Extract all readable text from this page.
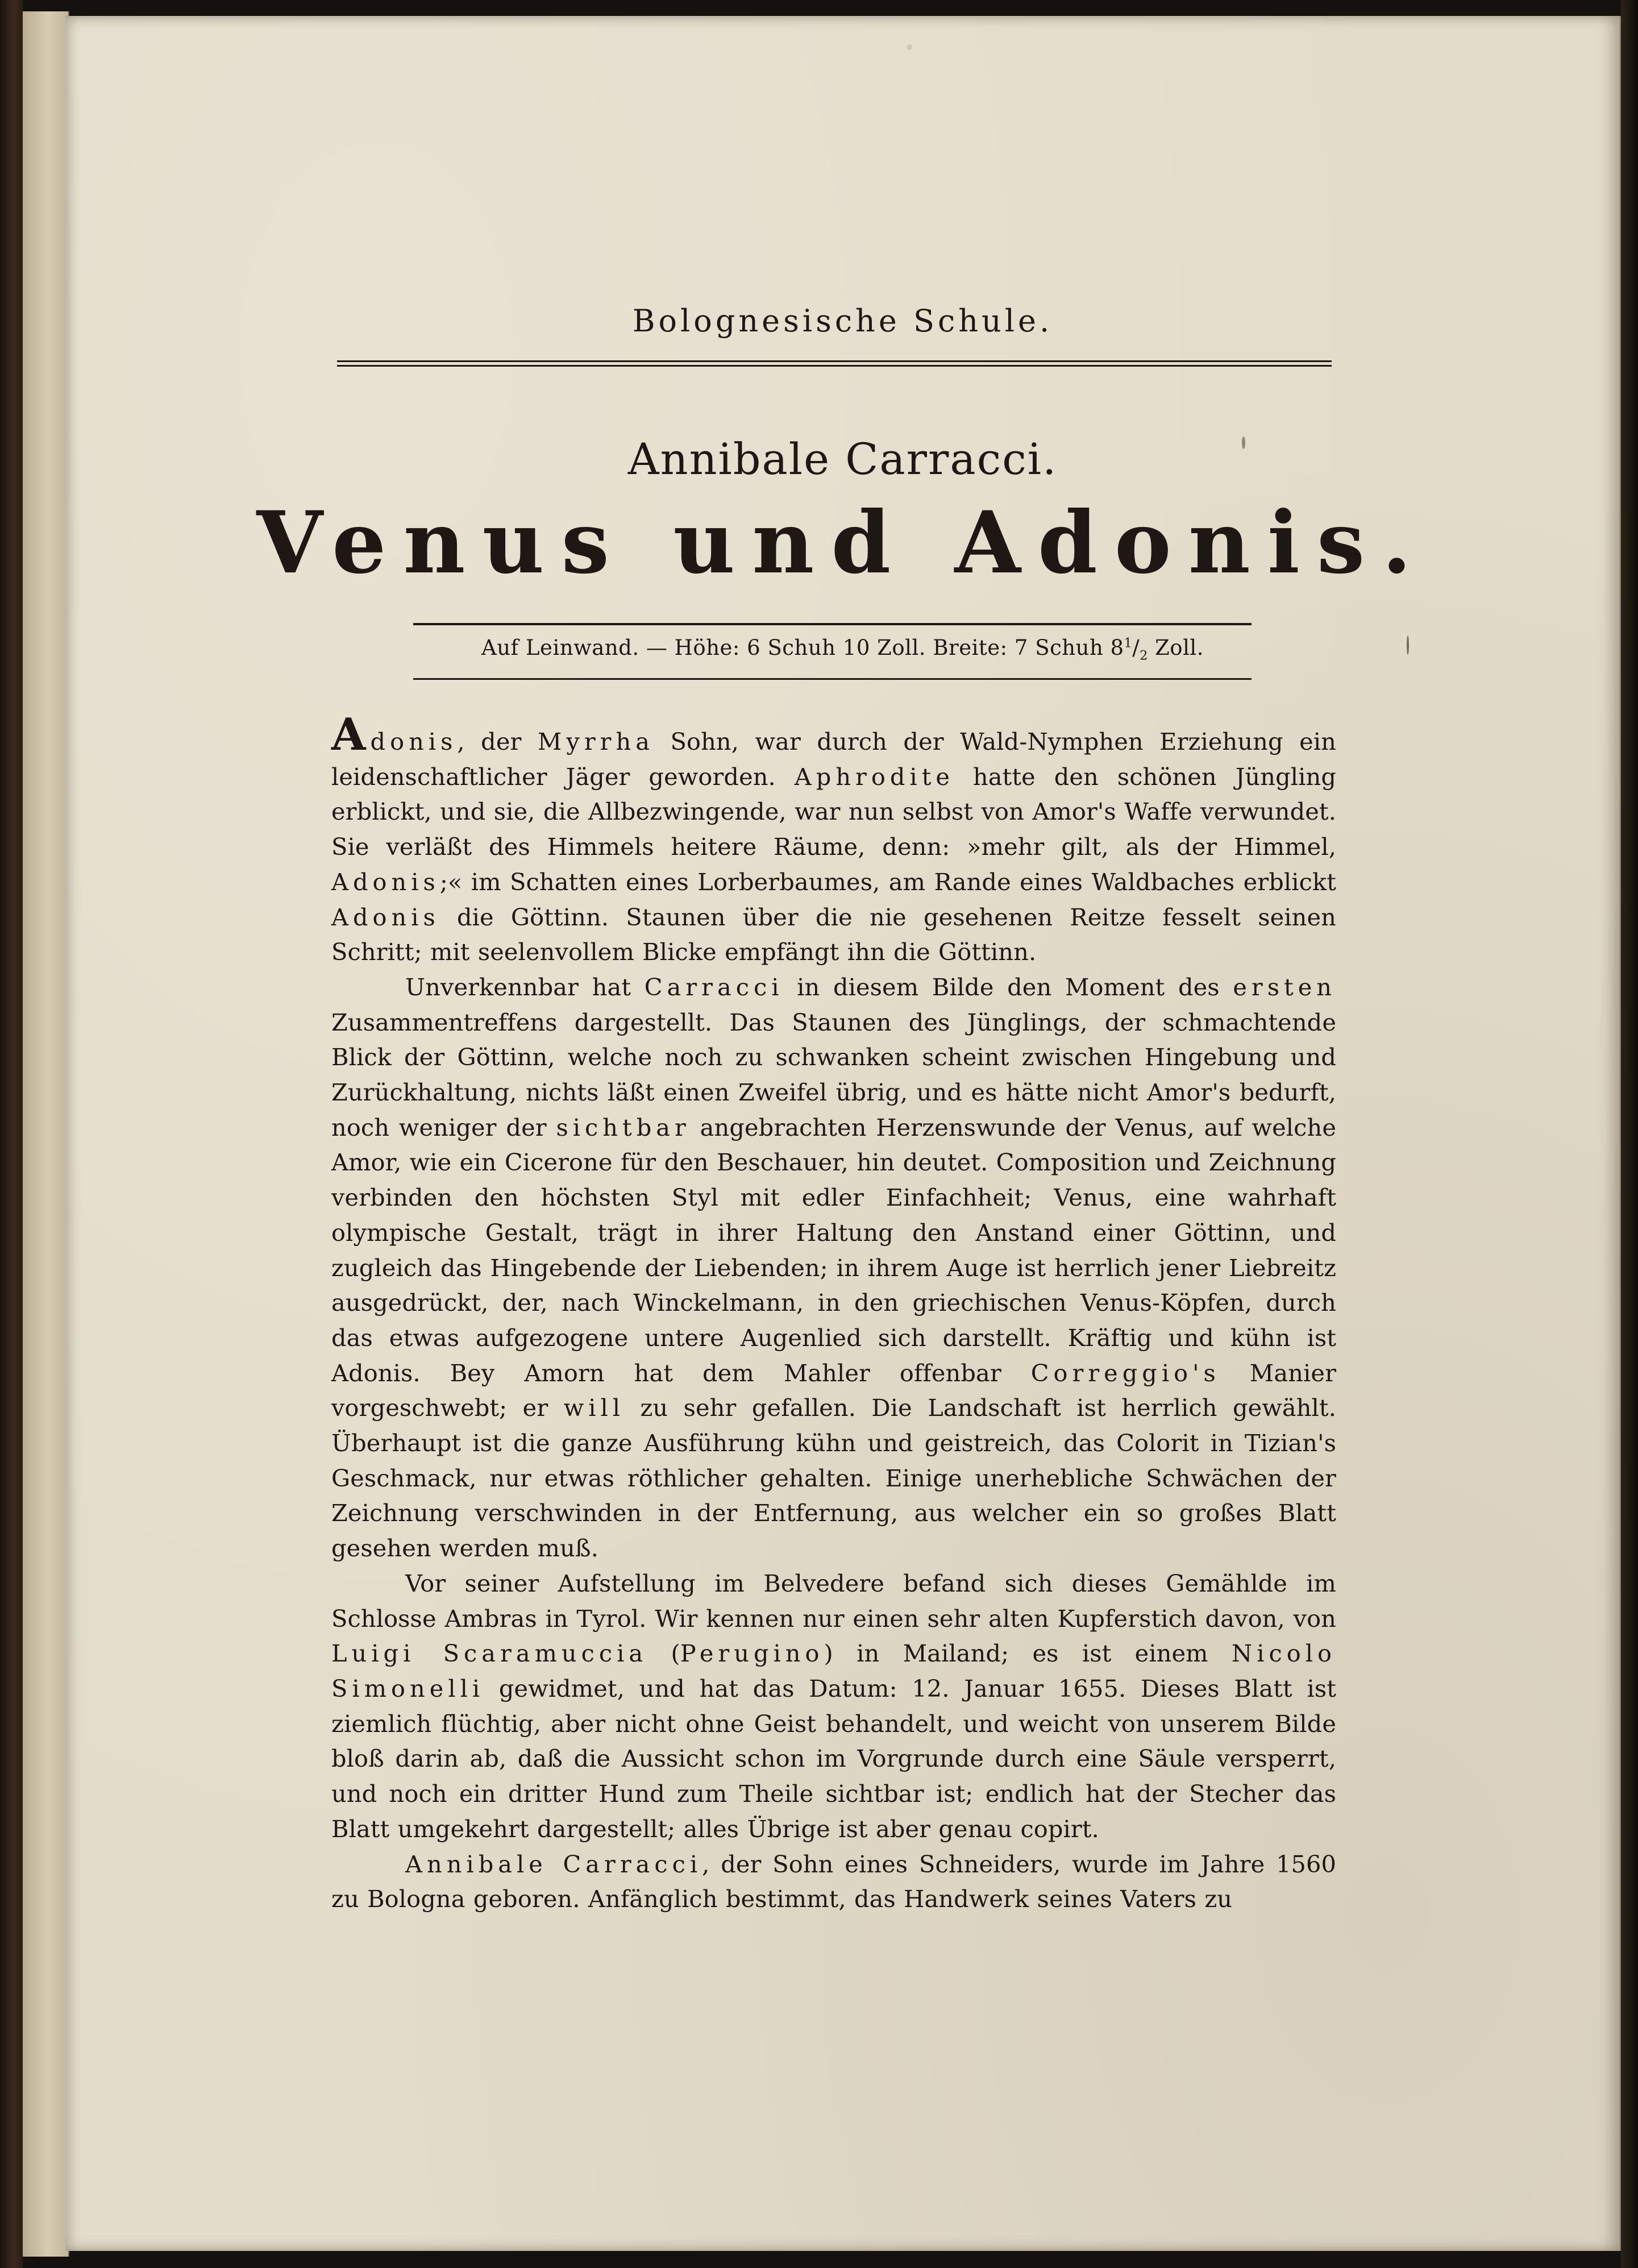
Bolognesische Schule.
Annibale Carracci.
Venus und Adonis.
Auf Leinwand. — Höhe: 6 Schuh 10 Zoll. Breite: 7 Schuh $8^1/_2$ Zoll.

Adonis, der Myrrha Sohn, war durch der Wald-Nymphen Erziehung ein leidenschaftlicher Jäger geworden. Aphrodite hatte den schönen Jüngling erblickt, und sie, die Allbezwingende, war nun selbst von Amor's Waffe verwundet. Sie verläßt des Himmels heitere Räume, denn: »mehr gilt, als der Himmel, Adonis;« im Schatten eines Lorberbaumes, am Rande eines Waldbaches erblickt Adonis die Göttinn. Staunen über die nie gesehenen Reitze fesselt seinen Schritt; mit seelenvollem Blicke empfängt ihn die Göttinn.

Unverkennbar hat Carracci in diesem Bilde den Moment des ersten Zusammentreffens dargestellt. Das Staunen des Jünglings, der schmachtende Blick der Göttinn, welche noch zu schwanken scheint zwischen Hingebung und Zurückhaltung, nichts läßt einen Zweifel übrig, und es hätte nicht Amor's bedurft, noch weniger der sichtbar angebrachten Herzenswunde der Venus, auf welche Amor, wie ein Cicerone für den Beschauer, hin deutet. Composition und Zeichnung verbinden den höchsten Styl mit edler Einfachheit; Venus, eine wahrhaft olympische Gestalt, trägt in ihrer Haltung den Anstand einer Göttinn, und zugleich das Hingebende der Liebenden; in ihrem Auge ist herrlich jener Liebreitz ausgedrückt, der, nach Winckelmann, in den griechischen Venus-Köpfen, durch das etwas aufgezogene untere Augenlied sich darstellt. Kräftig und kühn ist Adonis. Bey Amorn hat dem Mahler offenbar Correggio's Manier vorgeschwebt; er will zu sehr gefallen. Die Landschaft ist herrlich gewählt. Überhaupt ist die ganze Ausführung kühn und geistreich, das Colorit in Tizian's Geschmack, nur etwas röthlicher gehalten. Einige unerhebliche Schwächen der Zeichnung verschwinden in der Entfernung, aus welcher ein so großes Blatt gesehen werden muß.

Vor seiner Aufstellung im Belvedere befand sich dieses Gemählde im Schlosse Ambras in Tyrol. Wir kennen nur einen sehr alten Kupferstich davon, von Luigi Scaramuccia (Perugino) in Mailand; es ist einem Nicolo Simonelli gewidmet, und hat das Datum: 12. Januar 1655. Dieses Blatt ist ziemlich flüchtig, aber nicht ohne Geist behandelt, und weicht von unserem Bilde bloß darin ab, daß die Aussicht schon im Vorgrunde durch eine Säule versperrt, und noch ein dritter Hund zum Theile sichtbar ist; endlich hat der Stecher das Blatt umgekehrt dargestellt; alles Übrige ist aber genau copirt.

Annibale Carracci, der Sohn eines Schneiders, wurde im Jahre 1560 zu Bologna geboren. Anfänglich bestimmt, das Handwerk seines Vaters zu
